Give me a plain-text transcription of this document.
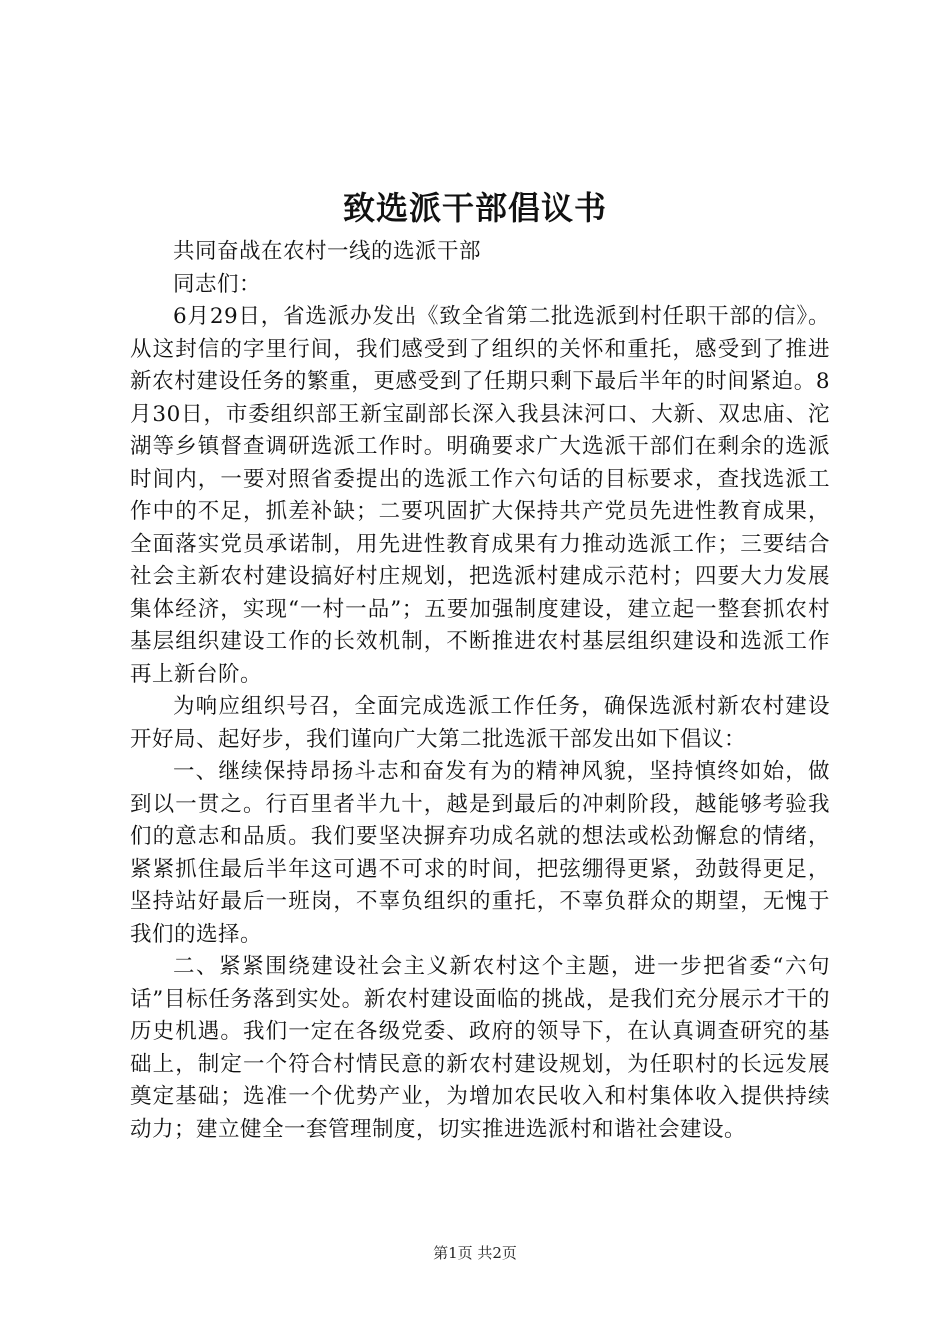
致选派干部倡议书

共同奋战在农村一线的选派干部

同志们：

6月29日，省选派办发出《致全省第二批选派到村任职干部的信》。从这封信的字里行间，我们感受到了组织的关怀和重托，感受到了推进新农村建设任务的繁重，更感受到了任期只剩下最后半年的时间紧迫。8月30日，市委组织部王新宝副部长深入我县沫河口、大新、双忠庙、沱湖等乡镇督查调研选派工作时。明确要求广大选派干部们在剩余的选派时间内，一要对照省委提出的选派工作六句话的目标要求，查找选派工作中的不足，抓差补缺；二要巩固扩大保持共产党员先进性教育成果，全面落实党员承诺制，用先进性教育成果有力推动选派工作；三要结合社会主新农村建设搞好村庄规划，把选派村建成示范村；四要大力发展集体经济，实现“一村一品”；五要加强制度建设，建立起一整套抓农村基层组织建设工作的长效机制，不断推进农村基层组织建设和选派工作再上新台阶。

为响应组织号召，全面完成选派工作任务，确保选派村新农村建设开好局、起好步，我们谨向广大第二批选派干部发出如下倡议：

一、继续保持昂扬斗志和奋发有为的精神风貌，坚持慎终如始，做到以一贯之。行百里者半九十，越是到最后的冲刺阶段，越能够考验我们的意志和品质。我们要坚决摒弃功成名就的想法或松劲懈怠的情绪，紧紧抓住最后半年这可遇不可求的时间，把弦绷得更紧，劲鼓得更足，坚持站好最后一班岗，不辜负组织的重托，不辜负群众的期望，无愧于我们的选择。

二、紧紧围绕建设社会主义新农村这个主题，进一步把省委“六句话”目标任务落到实处。新农村建设面临的挑战，是我们充分展示才干的历史机遇。我们一定在各级党委、政府的领导下，在认真调查研究的基础上，制定一个符合村情民意的新农村建设规划，为任职村的长远发展奠定基础；选准一个优势产业，为增加农民收入和村集体收入提供持续动力；建立健全一套管理制度，切实推进选派村和谐社会建设。

第1页 共2页
